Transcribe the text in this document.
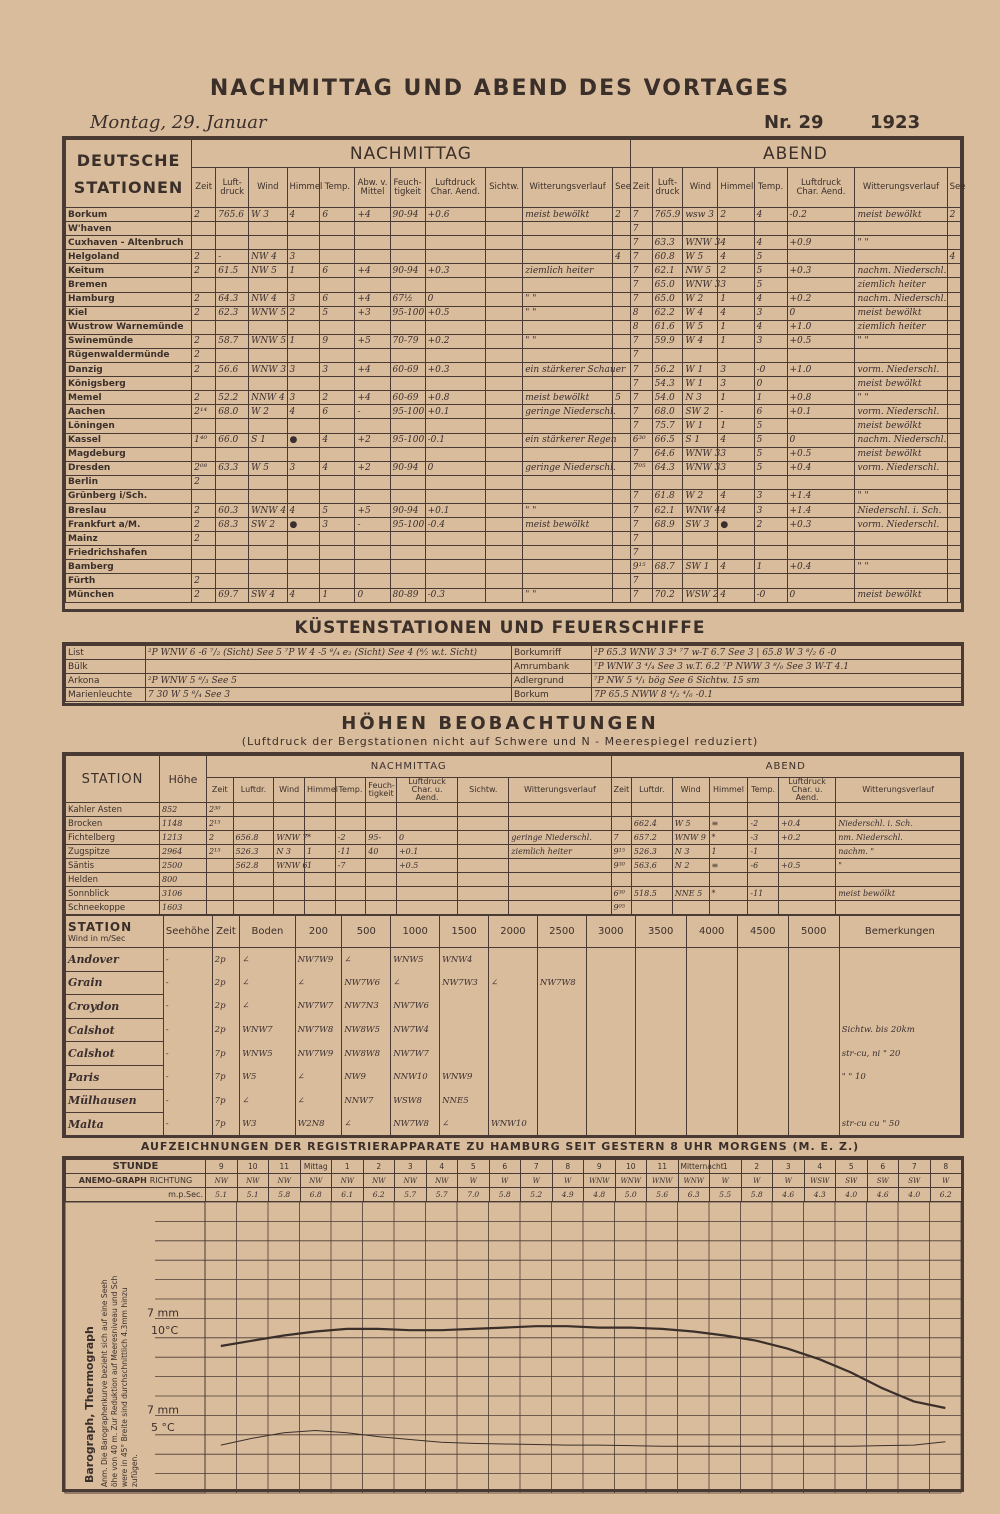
NACHMITTAG UND ABEND DES VORTAGES
Montag, 29. Januar	Nr. 29	1923
DEUTSCHE
STATIONEN	NACHMITTAG											ABEND							
	Zeit	Luft-druck	Wind	Himmel	Temp.	Abw. v. Mittel	Feuch-tigkeit	Luftdruck Char. Aend.	Sichtw.	Witterungsverlauf	See	Zeit	Luft-druck	Wind	Himmel	Temp.	Luftdruck Char. Aend.	Witterungsverlauf	See
Borkum	2	765.6	W 3	4	6	+4	90-94	+0.6		meist bewölkt	2	7	765.9	wsw 3	2	4	-0.2	meist bewölkt	2
W'haven												7							
Cuxhaven - Altenbruch												7	63.3	WNW 3	4	4	+0.9	" "	
Helgoland	2	-	NW 4	3							4	7	60.8	W 5	4	5			4
Keitum	2	61.5	NW 5	1	6	+4	90-94	+0.3		ziemlich heiter		7	62.1	NW 5	2	5	+0.3	nachm. Niederschl.	
Bremen												7	65.0	WNW 3	3	5		ziemlich heiter	
Hamburg	2	64.3	NW 4	3	6	+4	67½	0		" "		7	65.0	W 2	1	4	+0.2	nachm. Niederschl.	
Kiel	2	62.3	WNW 5	2	5	+3	95-100	+0.5		" "		8	62.2	W 4	4	3	0	meist bewölkt	
Wustrow Warnemünde												8	61.6	W 5	1	4	+1.0	ziemlich heiter	
Swinemünde	2	58.7	WNW 5	1	9	+5	70-79	+0.2		" "		7	59.9	W 4	1	3	+0.5	" "	
Rügenwaldermünde	2											7							
Danzig	2	56.6	WNW 3	3	3	+4	60-69	+0.3		ein stärkerer Schauer		7	56.2	W 1	3	-0	+1.0	vorm. Niederschl.	
Königsberg												7	54.3	W 1	3	0		meist bewölkt	
Memel	2	52.2	NNW 4	3	2	+4	60-69	+0.8		meist bewölkt	5	7	54.0	N 3	1	1	+0.8	" "	
Aachen	2¹⁴	68.0	W 2	4	6	-	95-100	+0.1		geringe Niederschl.		7	68.0	SW 2	-	6	+0.1	vorm. Niederschl.	
Löningen												7	75.7	W 1	1	5		meist bewölkt	
Kassel	1⁴⁰	66.0	S 1	●	4	+2	95-100	-0.1		ein stärkerer Regen		6³⁰	66.5	S 1	4	5	0	nachm. Niederschl.	
Magdeburg												7	64.6	WNW 3	3	5	+0.5	meist bewölkt	
Dresden	2⁰⁸	63.3	W 5	3	4	+2	90-94	0		geringe Niederschl.		7⁰⁵	64.3	WNW 3	3	5	+0.4	vorm. Niederschl.	
Berlin	2																		
Grünberg i/Sch.												7	61.8	W 2	4	3	+1.4	" "	
Breslau	2	60.3	WNW 4	4	5	+5	90-94	+0.1		" "		7	62.1	WNW 4	4	3	+1.4	Niederschl. i. Sch.	
Frankfurt a/M.	2	68.3	SW 2	●	3	-	95-100	-0.4		meist bewölkt		7	68.9	SW 3	●	2	+0.3	vorm. Niederschl.	
Mainz	2											7							
Friedrichshafen												7							
Bamberg												9¹⁵	68.7	SW 1	4	1	+0.4	" "	
Fürth	2											7							
München	2	69.7	SW 4	4	1	0	80-89	-0.3		" "		7	70.2	WSW 2	4	-0	0	meist bewölkt	
KÜSTENSTATIONEN UND FEUERSCHIFFE
List	²P WNW 6 -6 ⁷/₂ (Sicht) See 5 ⁷P W 4 -5 ⁸/₄ e₂ (Sicht) See 4 (⁸⁄₂ w.t. Sicht)	Borkumriff	²P 65.3 WNW 3 3⁴ ⁷7 w-T 6.7 See 3 | 65.8 W 3 ⁸/₂ 6 -0
Bülk		Amrumbank	⁷P WNW 3 ⁴/₄ See 3 w.T. 6.2 ⁷P NWW 3 ⁸/₀ See 3 W-T 4.1
Arkona	²P WNW 5 ⁸/₃ See 5	Adlergrund	⁷P NW 5 ⁴/₁ bög See 6 Sichtw. 15 sm
Marienleuchte	7 30 W 5 ⁸/₄ See 3	Borkum	7P 65.5 NWW 8 ⁴/₂ ⁴/₆ -0.1
HÖHEN BEOBACHTUNGEN
(Luftdruck der Bergstationen nicht auf Schwere und N - Meerespiegel reduziert)
STATION	Höhe	NACHMITTAG									ABEND						
		Zeit	Luftdr.	Wind	Himmel	Temp.	Feuch-tigkeit	Luftdruck Char. u. Aend.	Sichtw.	Witterungsverlauf	Zeit	Luftdr.	Wind	Himmel	Temp.	Luftdruck Char. u. Aend.	Witterungsverlauf
Kahler Asten	852	2³⁰															
Brocken	1148	2¹⁵										662.4	W 5	≡	-2	+0.4	Niederschl. i. Sch.
Fichtelberg	1213	2	656.8	WNW 7	*	-2	95-	0		geringe Niederschl.	7	657.2	WNW 9	*	-3	+0.2	nm. Niederschl.
Zugspitze	2964	2¹⁵	526.3	N 3	1	-11	40	+0.1		ziemlich heiter	9¹⁵	526.3	N 3	1	-1		nachm. "
Säntis	2500		562.8	WNW 6	1	-7		+0.5			9³⁰	563.6	N 2	≡	-6	+0.5	"
Helden	800																
Sonnblick	3106										6³⁰	518.5	NNE 5	*	-11		meist bewölkt
Schneekoppe	1603										9⁰⁵						
STATION
Wind in m/Sec	Seehöhe	Zeit	Boden	200	500	1000	1500	2000	2500	3000	3500	4000	4500	5000	Bemerkungen
Andover	-	2p	∠	NW7W9	∠	WNW5	WNW4								
Grain	-	2p	∠	∠	NW7W6	∠	NW7W3	∠	NW7W8						
Croydon	-	2p	∠	NW7W7	NW7N3	NW7W6									
Calshot	-	2p	WNW7	NW7W8	NW8W5	NW7W4									Sichtw. bis 20km
Calshot	-	7p	WNW5	NW7W9	NW8W8	NW7W7									str-cu, ni " 20
Paris	-	7p	W5	∠	NW9	NNW10	WNW9								" " 10
Mülhausen	-	7p	∠	∠	NNW7	WSW8	NNE5								
Malta	-	7p	W3	W2N8	∠	NW7W8	∠	WNW10							str-cu cu " 50
AUFZEICHNUNGEN DER REGISTRIERAPPARATE ZU HAMBURG SEIT GESTERN 8 UHR MORGENS (M. E. Z.)
STUNDE	9	10	11	Mittag	1	2	3	4	5	6	7	8	9	10	11	Mitternacht	1	2	3	4	5	6	7	8
ANEMO-GRAPH RICHTUNG	NW	NW	NW	NW	NW	NW	NW	NW	W	W	W	W	WNW	WNW	WNW	WNW	W	W	W	WSW	SW	SW	SW	W
m.p.Sec.	5.1	5.1	5.8	6.8	6.1	6.2	5.7	5.7	7.0	5.8	5.2	4.9	4.8	5.0	5.6	6.3	5.5	5.8	4.6	4.3	4.0	4.6	4.0	6.2
7 mm
10°C
7 mm
5 °C
Barograph, Thermograph Anm. Die Barographenkurve bezieht sich auf eine Seeh öhe von 40 m. Zur Reduktion auf Meeresniveau und Sch were in 45° Breite sind durchschnittlich 4.3mm hinzu zufügen.
